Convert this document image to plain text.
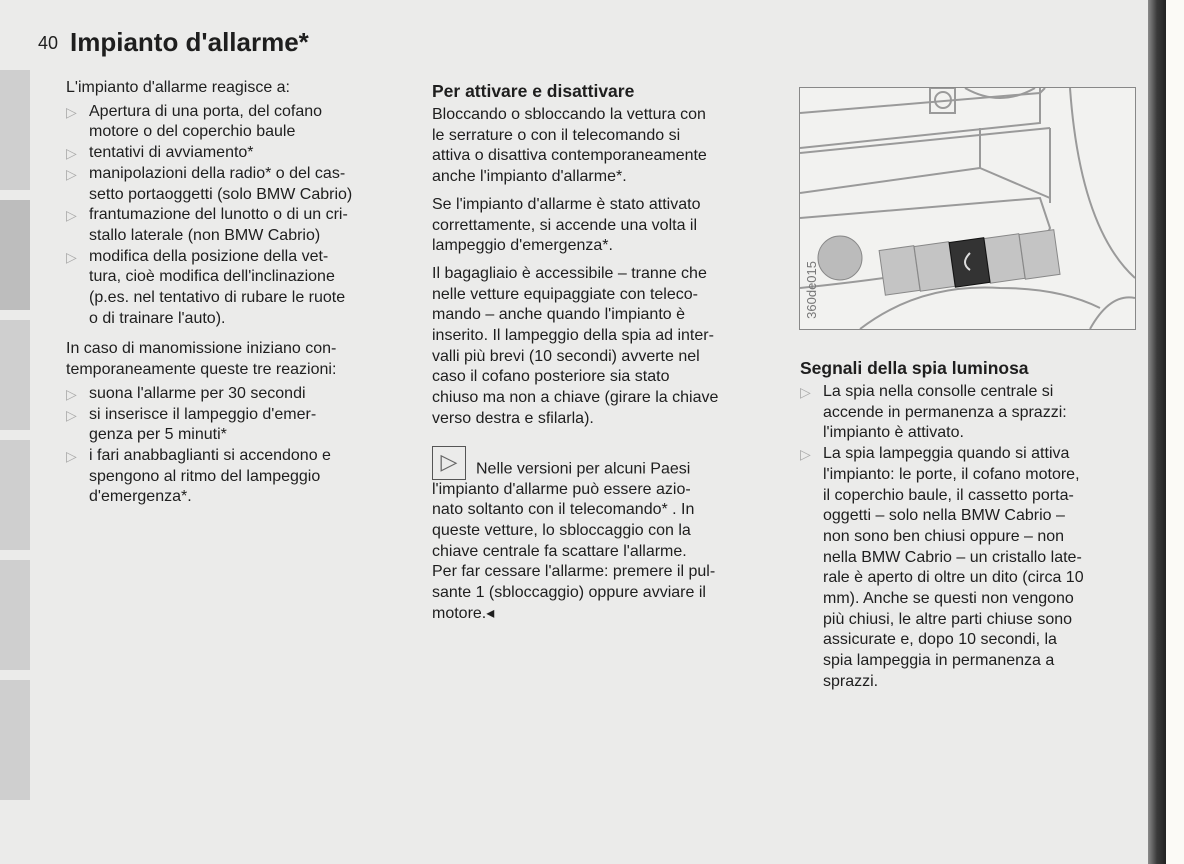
40 Impianto d'allarme*

L'impianto d'allarme reagisce a:

▷ Apertura di una porta, del cofano
motore o del coperchio baule
▷ tentativi di avviamento*
▷ manipolazioni della radio* o del cas-
setto portaoggetti (solo BMW Cabrio)
▷ frantumazione del lunotto o di un cri-
stallo laterale (non BMW Cabrio)
▷ modifica della posizione della vet-
tura, cioè modifica dell'inclinazione
(p.es. nel tentativo di rubare le ruote
o di trainare l'auto).

In caso di manomissione iniziano con-
temporaneamente queste tre reazioni:

▷ suona l'allarme per 30 secondi
▷ si inserisce il lampeggio d'emer-
genza per 5 minuti*
▷ i fari anabbaglianti si accendono e
spengono al ritmo del lampeggio
d'emergenza*.
Per attivare e disattivare

Bloccando o sbloccando la vettura con
le serrature o con il telecomando si
attiva o disattiva contemporaneamente
anche l'impianto d'allarme*.

Se l'impianto d'allarme è stato attivato
correttamente, si accende una volta il
lampeggio d'emergenza*.

Il bagagliaio è accessibile – tranne che
nelle vetture equipaggiate con teleco-
mando – anche quando l'impianto è
inserito. Il lampeggio della spia ad inter-
valli più brevi (10 secondi) avverte nel
caso il cofano posteriore sia stato
chiuso ma non a chiave (girare la chiave
verso destra e sfilarla).

▷ Nelle versioni per alcuni Paesi

l'impianto d'allarme può essere azio-
nato soltanto con il telecomando* . In
queste vetture, lo sbloccaggio con la
chiave centrale fa scattare l'allarme.
Per far cessare l'allarme: premere il pul-
sante 1 (sbloccaggio) oppure avviare il
motore.◂

360de015
Segnali della spia luminosa
▷ La spia nella consolle centrale si
accende in permanenza a sprazzi:
l'impianto è attivato.
▷ La spia lampeggia quando si attiva
l'impianto: le porte, il cofano motore,
il coperchio baule, il cassetto porta-
oggetti – solo nella BMW Cabrio –
non sono ben chiusi oppure – non
nella BMW Cabrio – un cristallo late-
rale è aperto di oltre un dito (circa 10
mm). Anche se questi non vengono
più chiusi, le altre parti chiuse sono
assicurate e, dopo 10 secondi, la
spia lampeggia in permanenza a
sprazzi.
